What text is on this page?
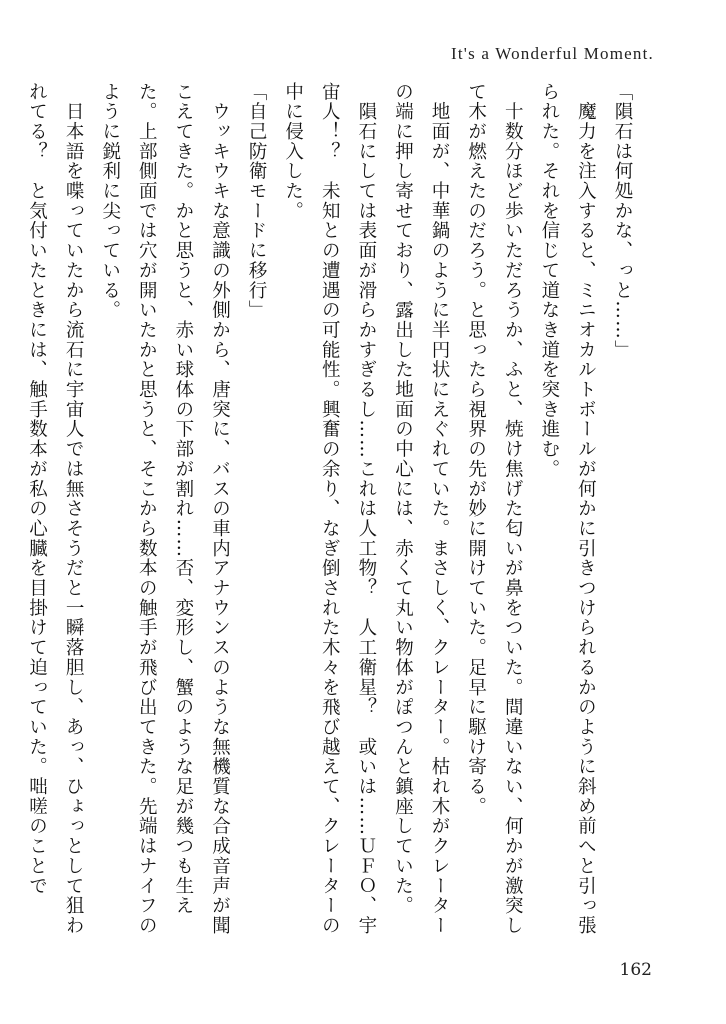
It's a Wonderful Moment.

「隕石は何処かな、っと……」

　魔力を注入すると、ミニオカルトボールが何かに引きつけられるかのように斜め前へと引っ張られた。それを信じて道なき道を突き進む。

　十数分ほど歩いただろうか、ふと、焼け焦げた匂いが鼻をついた。間違いない、何かが激突して木が燃えたのだろう。と思ったら視界の先が妙に開けていた。足早に駆け寄る。

　地面が、中華鍋のように半円状にえぐれていた。まさしく、クレーター。枯れ木がクレーターの端に押し寄せており、露出した地面の中心には、赤くて丸い物体がぽつんと鎮座していた。

　隕石にしては表面が滑らかすぎるし……これは人工物？　人工衛星？　或いは……ＵＦＯ、宇宙人！？　未知との遭遇の可能性。興奮の余り、なぎ倒された木々を飛び越えて、クレーターの中に侵入した。

「自己防衛モードに移行」

　ウッキウキな意識の外側から、唐突に、バスの車内アナウンスのような無機質な合成音声が聞こえてきた。かと思うと、赤い球体の下部が割れ……否、変形し、蟹のような足が幾つも生えた。上部側面では穴が開いたかと思うと、そこから数本の触手が飛び出てきた。先端はナイフのように鋭利に尖っている。

　日本語を喋っていたから流石に宇宙人では無さそうだと一瞬落胆し、あっ、ひょっとして狙われてる？　と気付いたときには、触手数本が私の心臓を目掛けて迫っていた。咄嗟のことで

162
